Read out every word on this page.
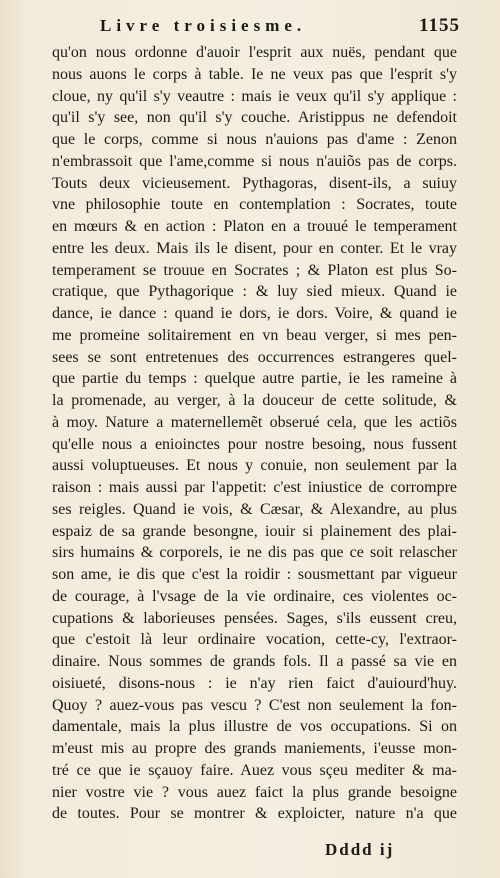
Livre troisiesme.	1155
qu'on nous ordonne d'auoir l'esprit aux nuës, pendant que
nous auons le corps à table. Ie ne veux pas que l'esprit s'y
cloue, ny qu'il s'y veautre : mais ie veux qu'il s'y applique :
qu'il s'y see, non qu'il s'y couche. Aristippus ne defendoit
que le corps, comme si nous n'auions pas d'ame : Zenon
n'embrassoit que l'ame,comme si nous n'auiõs pas de corps.
Touts deux vicieusement. Pythagoras, disent-ils, a suiuy
vne philosophie toute en contemplation : Socrates, toute
en mœurs & en action : Platon en a trouué le temperament
entre les deux. Mais ils le disent, pour en conter. Et le vray
temperament se trouue en Socrates ; & Platon est plus So-
cratique, que Pythagorique : & luy sied mieux. Quand ie
dance, ie dance : quand ie dors, ie dors. Voire, & quand ie
me promeine solitairement en vn beau verger, si mes pen-
sees se sont entretenues des occurrences estrangeres quel-
que partie du temps : quelque autre partie, ie les rameine à
la promenade, au verger, à la douceur de cette solitude, &
à moy. Nature a maternellemẽt obserué cela, que les actiõs
qu'elle nous a enioinctes pour nostre besoing, nous fussent
aussi voluptueuses. Et nous y conuie, non seulement par la
raison : mais aussi par l'appetit: c'est iniustice de corrompre
ses reigles. Quand ie vois, & Cæsar, & Alexandre, au plus
espaiz de sa grande besongne, iouir si plainement des plai-
sirs humains & corporels, ie ne dis pas que ce soit relascher
son ame, ie dis que c'est la roidir : sousmettant par vigueur
de courage, à l'vsage de la vie ordinaire, ces violentes oc-
cupations & laborieuses pensées. Sages, s'ils eussent creu,
que c'estoit là leur ordinaire vocation, cette-cy, l'extraor-
dinaire. Nous sommes de grands fols. Il a passé sa vie en
oisiueté, disons-nous : ie n'ay rien faict d'auiourd'huy.
Quoy ? auez-vous pas vescu ? C'est non seulement la fon-
damentale, mais la plus illustre de vos occupations. Si on
m'eust mis au propre des grands maniements, i'eusse mon-
tré ce que ie sçauoy faire. Auez vous sçeu mediter & ma-
nier vostre vie ? vous auez faict la plus grande besoigne
de toutes. Pour se montrer & exploicter, nature n'a que
Dddd ij
